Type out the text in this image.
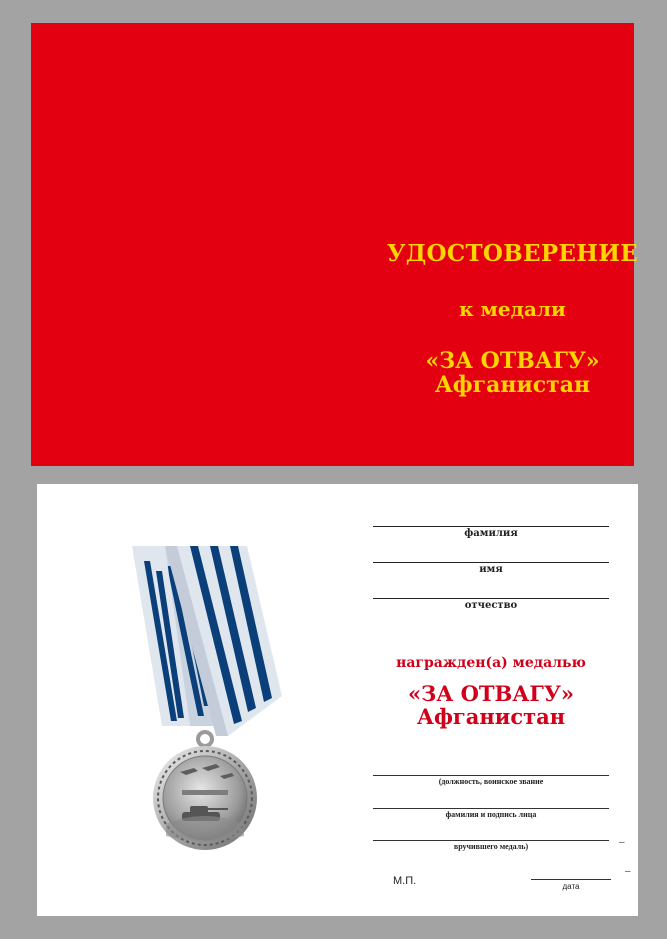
УДОСТОВЕРЕНИЕ
к медали
«ЗА ОТВАГУ»
Афганистан
фамилия
имя
отчество
награжден(а) медалью
«ЗА ОТВАГУ»
Афганистан
(должность, воинское звание
фамилия и подпись лица
вручившего медаль)	–
–
М.П.	дата
